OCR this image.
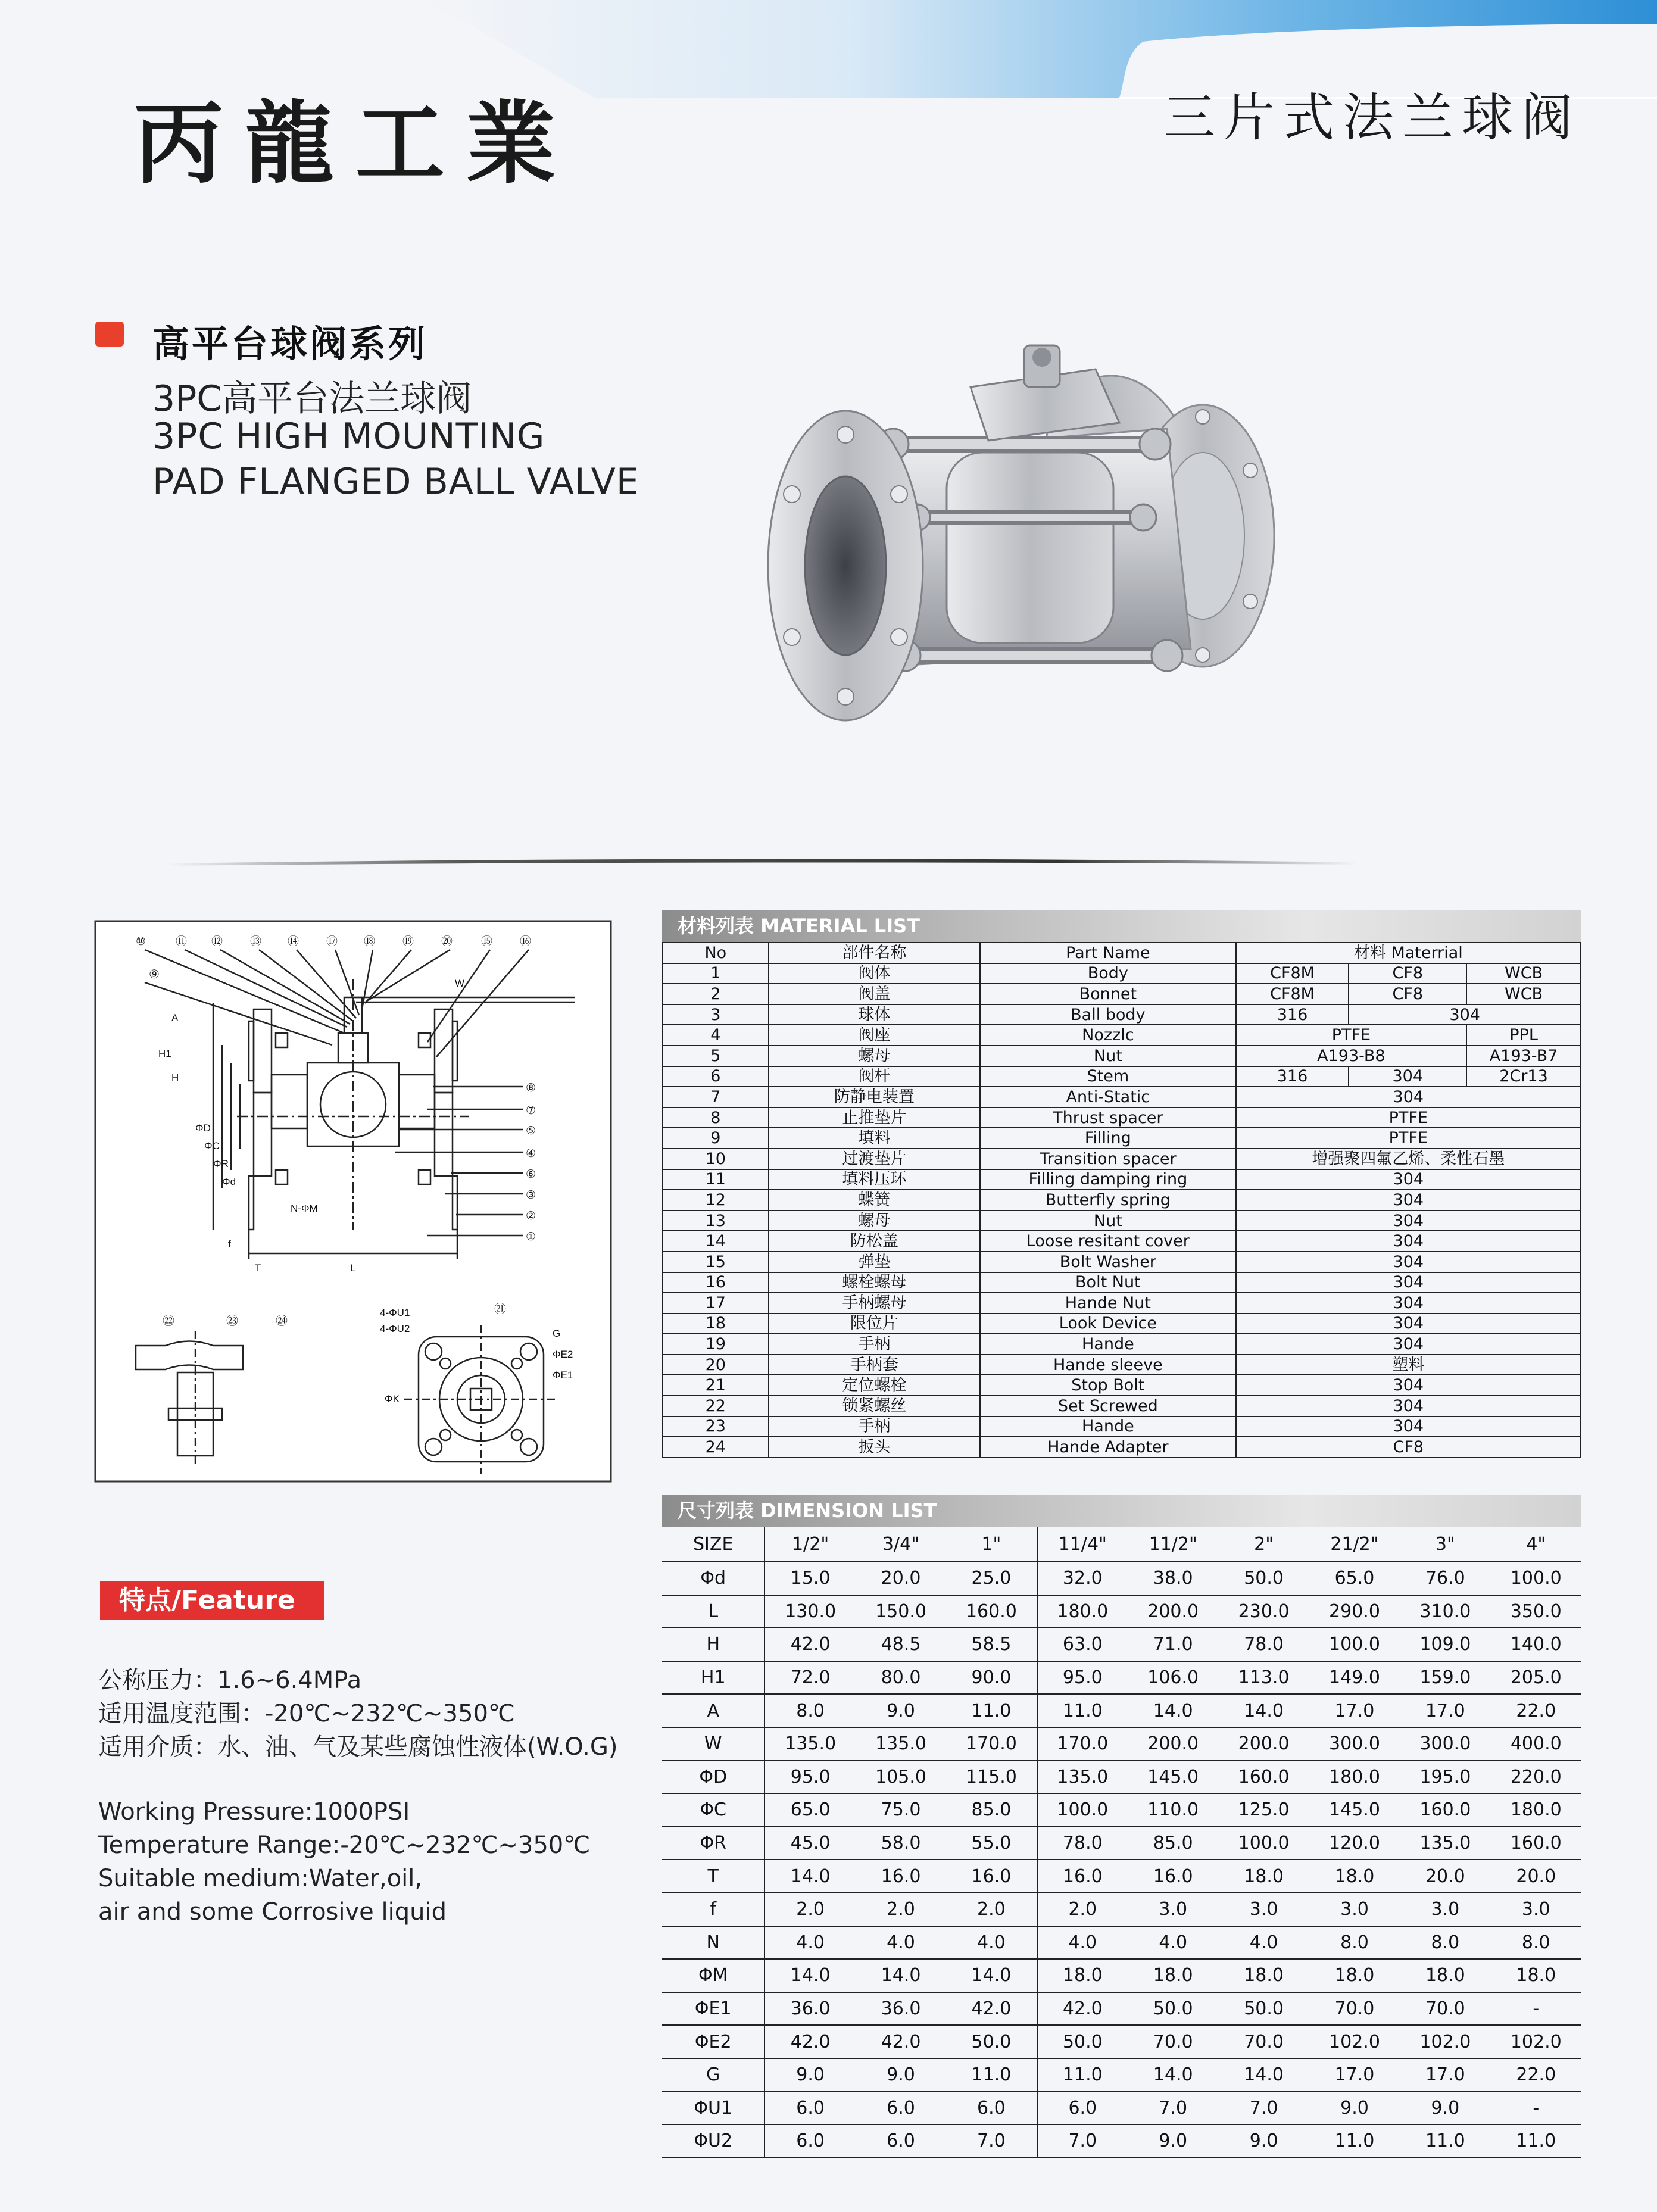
丙龍工業	三片式法兰球阀
高平台球阀系列
3PC高平台法兰球阀
3PC HIGH MOUNTING
PAD FLANGED BALL VALVE
⑩	⑪ ⑫ ⑬ ⑭ ⑰ ⑱ ⑲ ⑳	⑮ ⑯
㉒	㉓	㉔
㉑
⑨
W
A
H1
H
ΦD
ΦC
ΦR
Φd
N-ΦM
f
T	L
4-ΦU1
4-ΦU2
ΦE2
ΦE1
G
ΦK
⑧
⑦
⑤
④
⑥
③
②
①
特点/Feature
公称压力：1.6~6.4MPa
适用温度范围：-20℃~232℃~350℃
适用介质：水、油、气及某些腐蚀性液体(W.O.G)
Working Pressure:1000PSI
Temperature Range:-20℃~232℃~350℃
Suitable medium:Water,oil,
air and some Corrosive liquid
材料列表 MATERIAL LIST
No	部件名称	Part Name	材料 Materrial		
1	阀体	Body	CF8M	CF8	WCB
2	阀盖	Bonnet	CF8M	CF8	WCB
3	球体	Ball body	316	304	
4	阀座	Nozzlc	PTFE		PPL
5	螺母	Nut	A193-B8		A193-B7
6	阀杆	Stem	316	304	2Cr13
7	防静电装置	Anti-Static	304		
8	止推垫片	Thrust spacer	PTFE		
9	填料	Filling	PTFE		
10	过渡垫片	Transition spacer	增强聚四氟乙烯、柔性石墨		
11	填料压环	Filling damping ring	304		
12	蝶簧	Butterfly spring	304		
13	螺母	Nut	304		
14	防松盖	Loose resitant cover	304		
15	弹垫	Bolt Washer	304		
16	螺栓螺母	Bolt Nut	304		
17	手柄螺母	Hande Nut	304		
18	限位片	Look Device	304		
19	手柄	Hande	304		
20	手柄套	Hande sleeve	塑料		
21	定位螺栓	Stop Bolt	304		
22	锁紧螺丝	Set Screwed	304		
23	手柄	Hande	304		
24	扳头	Hande Adapter	CF8		
尺寸列表 DIMENSION LIST
SIZE	1/2"	3/4"	1"	11/4"	11/2"	2"	21/2"	3"	4"
Φd	15.0	20.0	25.0	32.0	38.0	50.0	65.0	76.0	100.0
L	130.0	150.0	160.0	180.0	200.0	230.0	290.0	310.0	350.0
H	42.0	48.5	58.5	63.0	71.0	78.0	100.0	109.0	140.0
H1	72.0	80.0	90.0	95.0	106.0	113.0	149.0	159.0	205.0
A	8.0	9.0	11.0	11.0	14.0	14.0	17.0	17.0	22.0
W	135.0	135.0	170.0	170.0	200.0	200.0	300.0	300.0	400.0
ΦD	95.0	105.0	115.0	135.0	145.0	160.0	180.0	195.0	220.0
ΦC	65.0	75.0	85.0	100.0	110.0	125.0	145.0	160.0	180.0
ΦR	45.0	58.0	55.0	78.0	85.0	100.0	120.0	135.0	160.0
T	14.0	16.0	16.0	16.0	16.0	18.0	18.0	20.0	20.0
f	2.0	2.0	2.0	2.0	3.0	3.0	3.0	3.0	3.0
N	4.0	4.0	4.0	4.0	4.0	4.0	8.0	8.0	8.0
ΦM	14.0	14.0	14.0	18.0	18.0	18.0	18.0	18.0	18.0
ΦE1	36.0	36.0	42.0	42.0	50.0	50.0	70.0	70.0	-
ΦE2	42.0	42.0	50.0	50.0	70.0	70.0	102.0	102.0	102.0
G	9.0	9.0	11.0	11.0	14.0	14.0	17.0	17.0	22.0
ΦU1	6.0	6.0	6.0	6.0	7.0	7.0	9.0	9.0	-
ΦU2	6.0	6.0	7.0	7.0	9.0	9.0	11.0	11.0	11.0
